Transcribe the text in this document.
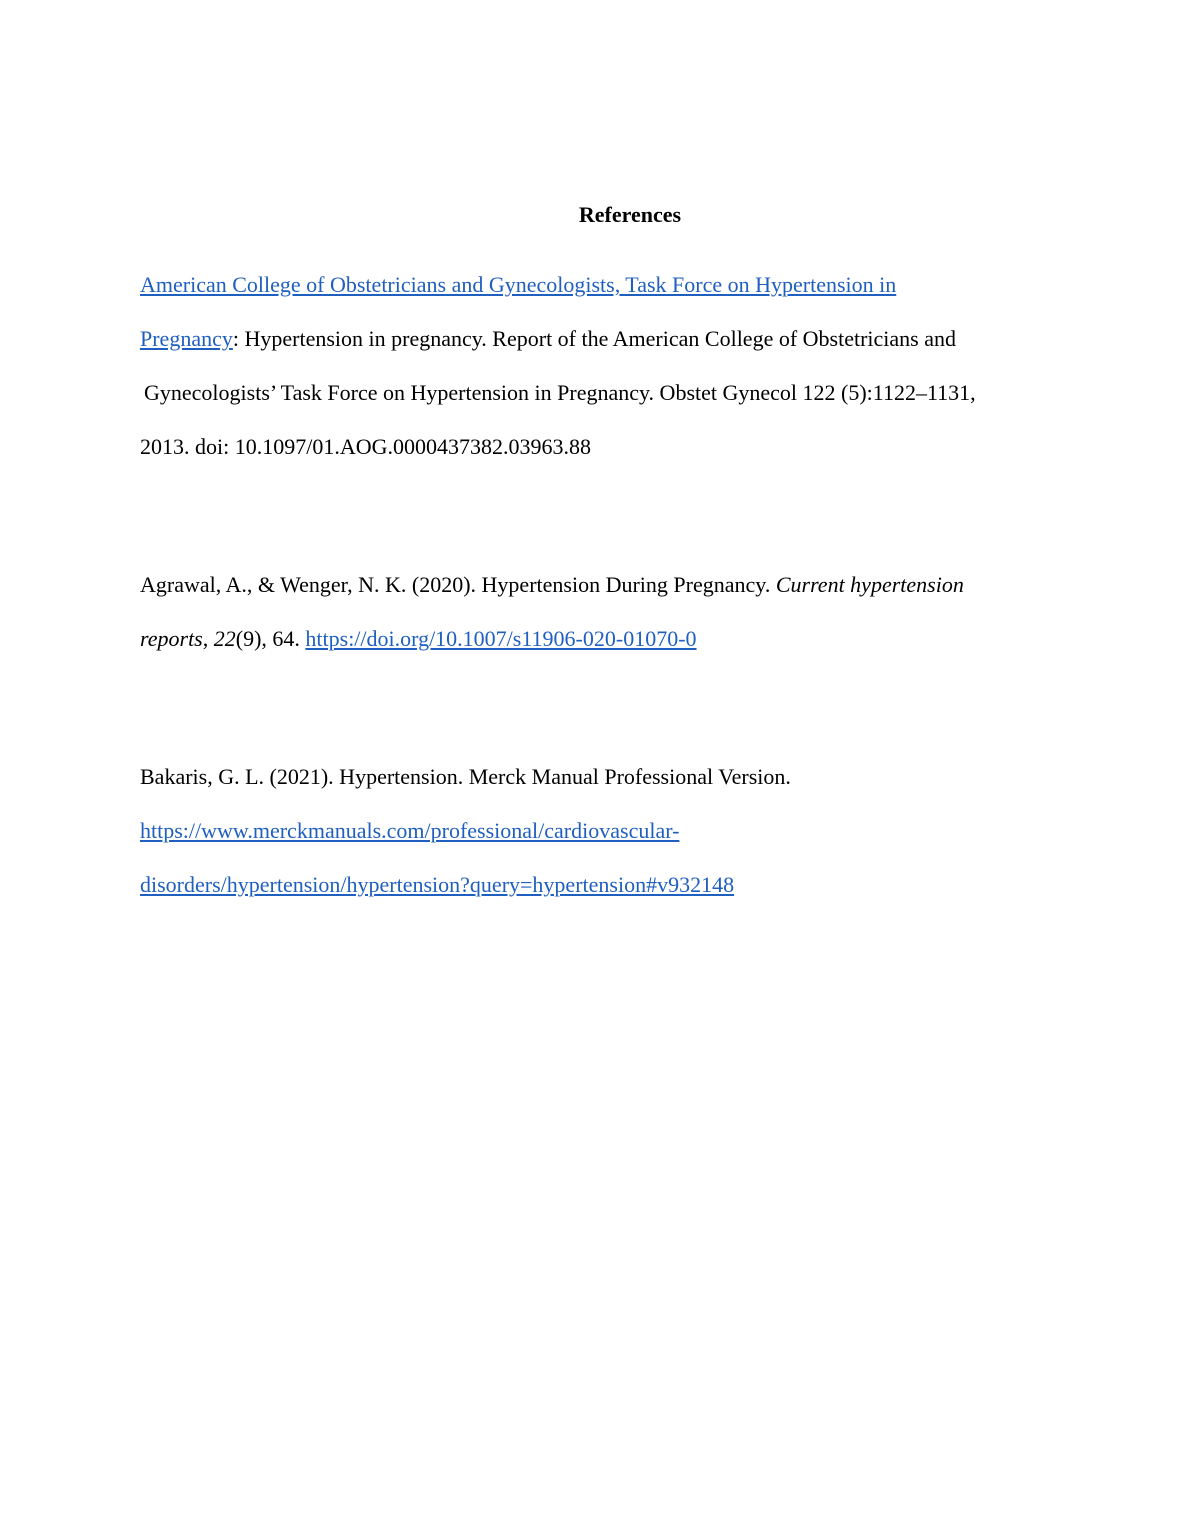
References
American College of Obstetricians and Gynecologists, Task Force on Hypertension in
Pregnancy: Hypertension in pregnancy. Report of the American College of Obstetricians and
Gynecologists’ Task Force on Hypertension in Pregnancy. Obstet Gynecol 122 (5):1122–1131,
2013. doi: 10.1097/01.AOG.0000437382.03963.88
Agrawal, A., & Wenger, N. K. (2020). Hypertension During Pregnancy. Current hypertension
reports, 22(9), 64. https://doi.org/10.1007/s11906-020-01070-0
Bakaris, G. L. (2021). Hypertension. Merck Manual Professional Version.
https://www.merckmanuals.com/professional/cardiovascular-
disorders/hypertension/hypertension?query=hypertension#v932148
